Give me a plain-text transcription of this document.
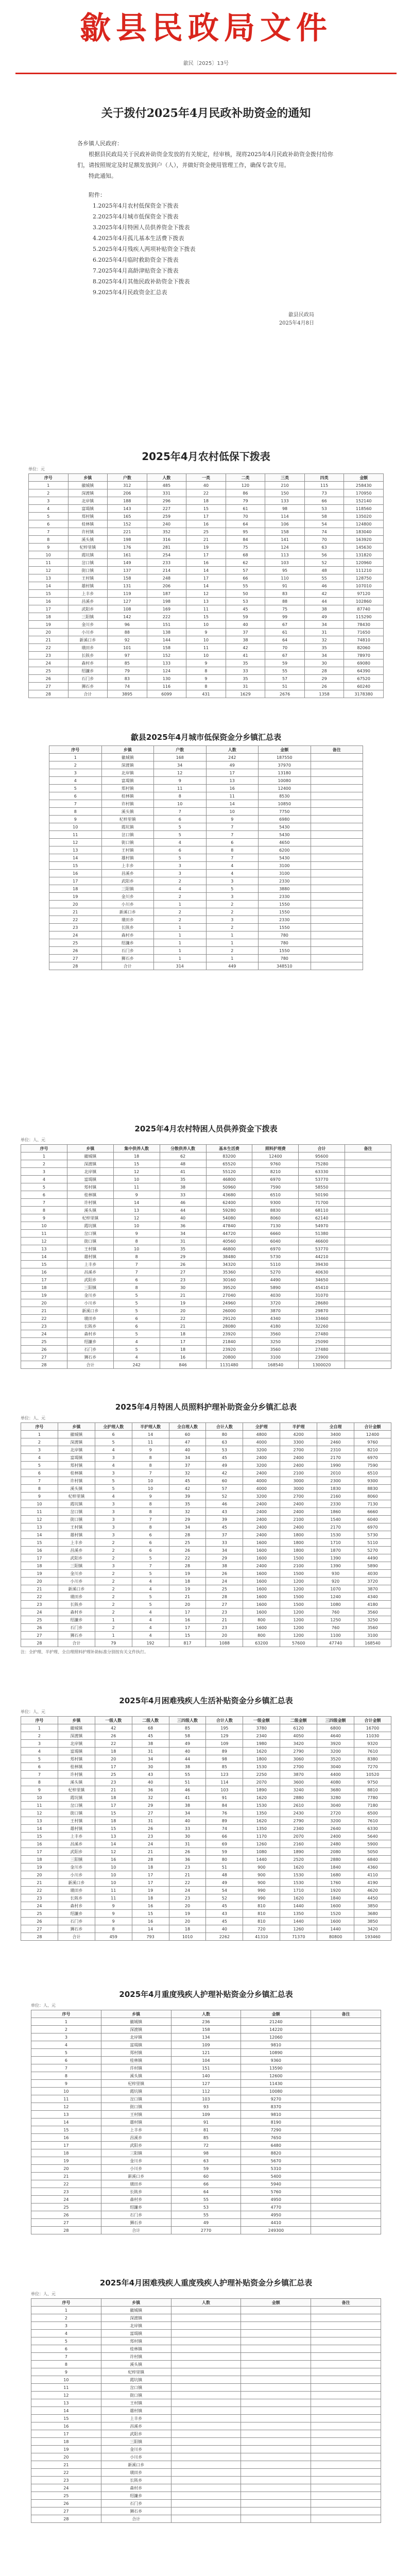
歙县民政局文件
歙民〔2025〕13号
关于拨付2025年4月民政补助资金的通知

各乡镇人民政府：

根据县民政局关于民政补助资金发放的有关规定，经审核，现将2025年4月民政补助资金拨付给你们，请按照规定及时足额发放到户（人），并做好资金使用管理工作，确保专款专用。

特此通知。

附件：

1.2025年4月农村低保资金下拨表

2.2025年4月城市低保资金下拨表

3.2025年4月特困人员供养资金下拨表

4.2025年4月孤儿基本生活费下拨表

5.2025年4月残疾人两项补贴资金下拨表

6.2025年4月临时救助资金下拨表

7.2025年4月高龄津贴资金下拨表

8.2025年4月其他民政补助资金下拨表

9.2025年4月民政资金汇总表

歙县民政局
2025年4月8日
2025年4月农村低保下拨表
单位：元
序号	乡镇	户数	人数	一类	二类	三类	四类	金额
1	徽城镇	312	485	40	120	210	115	258430
2	深渡镇	206	331	22	86	150	73	170950
3	北岸镇	188	296	18	79	133	66	152140
4	富堨镇	143	227	15	61	98	53	118560
5	郑村镇	165	259	17	70	114	58	135020
6	桂林镇	152	240	16	64	106	54	124800
7	许村镇	221	352	25	95	158	74	183040
8	溪头镇	198	316	21	84	141	70	163920
9	杞梓里镇	176	281	19	75	124	63	145630
10	霞坑镇	161	254	17	68	113	56	131820
11	岔口镇	149	233	16	62	103	52	120960
12	街口镇	137	214	14	57	95	48	111210
13	王村镇	158	248	17	66	110	55	128750
14	雄村镇	131	206	14	55	91	46	107010
15	上丰乡	119	187	12	50	83	42	97120
16	昌溪乡	127	198	13	53	88	44	102860
17	武阳乡	108	169	11	45	75	38	87740
18	三阳镇	142	222	15	59	99	49	115290
19	金川乡	96	151	10	40	67	34	78430
20	小川乡	88	138	9	37	61	31	71650
21	新溪口乡	92	144	10	38	64	32	74810
22	璜田乡	101	158	11	42	70	35	82060
23	长陔乡	97	152	10	41	67	34	78970
24	森村乡	85	133	9	35	59	30	69080
25	绍濂乡	79	124	8	33	55	28	64390
26	石门乡	83	130	9	35	57	29	67520
27	狮石乡	74	116	8	31	51	26	60240
28	合计	3895	6099	431	1629	2676	1358	3178380
歙县2025年4月城市低保资金分乡镇汇总表
序号	乡镇	户数	人数	金额	备注
1	徽城镇	168	242	187550	
2	深渡镇	34	49	37970	
3	北岸镇	12	17	13180	
4	富堨镇	9	13	10080	
5	郑村镇	11	16	12400	
6	桂林镇	8	11	8530	
7	许村镇	10	14	10850	
8	溪头镇	7	10	7750	
9	杞梓里镇	6	9	6980	
10	霞坑镇	5	7	5430	
11	岔口镇	5	7	5430	
12	街口镇	4	6	4650	
13	王村镇	6	8	6200	
14	雄村镇	5	7	5430	
15	上丰乡	3	4	3100	
16	昌溪乡	3	4	3100	
17	武阳乡	2	3	2330	
18	三阳镇	4	5	3880	
19	金川乡	2	3	2330	
20	小川乡	1	2	1550	
21	新溪口乡	2	2	1550	
22	璜田乡	2	3	2330	
23	长陔乡	1	2	1550	
24	森村乡	1	1	780	
25	绍濂乡	1	1	780	
26	石门乡	1	2	1550	
27	狮石乡	1	1	780	
28	合计	314	449	348510	
2025年4月农村特困人员供养资金下拨表
单位：人、元
序号	乡镇	集中供养人数	分散供养人数	基本生活费	照料护理费	合计	备注
1	徽城镇	18	62	83200	12400	95600	
2	深渡镇	15	48	65520	9760	75280	
3	北岸镇	12	41	55120	8210	63330	
4	富堨镇	10	35	46800	6970	53770	
5	郑村镇	11	38	50960	7590	58550	
6	桂林镇	9	33	43680	6510	50190	
7	许村镇	14	46	62400	9300	71700	
8	溪头镇	13	44	59280	8830	68110	
9	杞梓里镇	12	40	54080	8060	62140	
10	霞坑镇	10	36	47840	7130	54970	
11	岔口镇	9	34	44720	6660	51380	
12	街口镇	8	31	40560	6040	46600	
13	王村镇	10	35	46800	6970	53770	
14	雄村镇	8	29	38480	5730	44210	
15	上丰乡	7	26	34320	5110	39430	
16	昌溪乡	7	27	35360	5270	40630	
17	武阳乡	6	23	30160	4490	34650	
18	三阳镇	8	30	39520	5890	45410	
19	金川乡	5	21	27040	4030	31070	
20	小川乡	5	19	24960	3720	28680	
21	新溪口乡	5	20	26000	3870	29870	
22	璜田乡	6	22	29120	4340	33460	
23	长陔乡	6	21	28080	4180	32260	
24	森村乡	5	18	23920	3560	27480	
25	绍濂乡	4	17	21840	3250	25090	
26	石门乡	5	18	23920	3560	27480	
27	狮石乡	4	16	20800	3100	23900	
28	合计	242	846	1131480	168540	1300020	
2025年4月特困人员照料护理补助资金分乡镇汇总表
单位：人、元
序号	乡镇	全护理人数	半护理人数	全自理人数	合计人数	全护理	半护理	全自理	合计金额
1	徽城镇	6	14	60	80	4800	4200	3400	12400
2	深渡镇	5	11	47	63	4000	3300	2460	9760
3	北岸镇	4	9	40	53	3200	2700	2310	8210
4	富堨镇	3	8	34	45	2400	2400	2170	6970
5	郑村镇	4	8	37	49	3200	2400	1990	7590
6	桂林镇	3	7	32	42	2400	2100	2010	6510
7	许村镇	5	10	45	60	4000	3000	2300	9300
8	溪头镇	5	10	42	57	4000	3000	1830	8830
9	杞梓里镇	4	9	39	52	3200	2700	2160	8060
10	霞坑镇	3	8	35	46	2400	2400	2330	7130
11	岔口镇	3	8	32	43	2400	2400	1860	6660
12	街口镇	3	7	29	39	2400	2100	1540	6040
13	王村镇	3	8	34	45	2400	2400	2170	6970
14	雄村镇	3	6	28	37	2400	1800	1530	5730
15	上丰乡	2	6	25	33	1600	1800	1710	5110
16	昌溪乡	2	6	26	34	1600	1800	1870	5270
17	武阳乡	2	5	22	29	1600	1500	1390	4490
18	三阳镇	3	7	28	38	2400	2100	1390	5890
19	金川乡	2	5	19	26	1600	1500	930	4030
20	小川乡	2	4	18	24	1600	1200	920	3720
21	新溪口乡	2	4	19	25	1600	1200	1070	3870
22	璜田乡	2	5	21	28	1600	1500	1240	4340
23	长陔乡	2	5	20	27	1600	1500	1080	4180
24	森村乡	2	4	17	23	1600	1200	760	3560
25	绍濂乡	1	4	16	21	800	1200	1250	3250
26	石门乡	2	4	17	23	1600	1200	760	3560
27	狮石乡	1	4	15	20	800	1200	1100	3100
28	合计	79	192	817	1088	63200	57600	47740	168540
注：全护理、半护理、全自理照料护理补助标准分别按有关文件执行。
2025年4月困难残疾人生活补贴资金分乡镇汇总表
单位：人、元
序号	乡镇	一级人数	二级人数	三四级人数	合计人数	一级金额	二级金额	三四级金额	合计金额
1	徽城镇	42	68	85	195	3780	6120	6800	16700
2	深渡镇	26	45	58	129	2340	4050	4640	11030
3	北岸镇	22	38	49	109	1980	3420	3920	9320
4	富堨镇	18	31	40	89	1620	2790	3200	7610
5	郑村镇	20	34	44	98	1800	3060	3520	8380
6	桂林镇	17	30	38	85	1530	2700	3040	7270
7	许村镇	25	43	55	123	2250	3870	4400	10520
8	溪头镇	23	40	51	114	2070	3600	4080	9750
9	杞梓里镇	21	36	46	103	1890	3240	3680	8810
10	霞坑镇	18	32	41	91	1620	2880	3280	7780
11	岔口镇	17	29	38	84	1530	2610	3040	7180
12	街口镇	15	27	34	76	1350	2430	2720	6500
13	王村镇	18	31	40	89	1620	2790	3200	7610
14	雄村镇	15	26	33	74	1350	2340	2640	6330
15	上丰乡	13	23	30	66	1170	2070	2400	5640
16	昌溪乡	14	24	31	69	1260	2160	2480	5900
17	武阳乡	12	21	26	59	1080	1890	2080	5050
18	三阳镇	16	28	36	80	1440	2520	2880	6840
19	金川乡	10	18	23	51	900	1620	1840	4360
20	小川乡	10	17	21	48	900	1530	1680	4110
21	新溪口乡	10	17	22	49	900	1530	1760	4190
22	璜田乡	11	19	24	54	990	1710	1920	4620
23	长陔乡	11	18	23	52	990	1620	1840	4450
24	森村乡	9	16	20	45	810	1440	1600	3850
25	绍濂乡	9	15	19	43	810	1350	1520	3680
26	石门乡	9	16	20	45	810	1440	1600	3850
27	狮石乡	8	14	18	40	720	1260	1440	3420
28	合计	459	793	1010	2262	41310	71370	80800	193460
2025年4月重度残疾人护理补贴资金分乡镇汇总表
单位：人、元
序号	乡镇	人数	金额	备注
1	徽城镇	236	21240	
2	深渡镇	158	14220	
3	北岸镇	134	12060	
4	富堨镇	109	9810	
5	郑村镇	121	10890	
6	桂林镇	104	9360	
7	许村镇	151	13590	
8	溪头镇	140	12600	
9	杞梓里镇	127	11430	
10	霞坑镇	112	10080	
11	岔口镇	103	9270	
12	街口镇	93	8370	
13	王村镇	109	9810	
14	雄村镇	91	8190	
15	上丰乡	81	7290	
16	昌溪乡	85	7650	
17	武阳乡	72	6480	
18	三阳镇	98	8820	
19	金川乡	63	5670	
20	小川乡	59	5310	
21	新溪口乡	60	5400	
22	璜田乡	66	5940	
23	长陔乡	64	5760	
24	森村乡	55	4950	
25	绍濂乡	53	4770	
26	石门乡	55	4950	
27	狮石乡	49	4410	
28	合计	2770	249300	
2025年4月困难残疾人重度残疾人护理补贴资金分乡镇汇总表
单位：人、元
序号	乡镇	人数	金额	备注
1	徽城镇			
2	深渡镇			
3	北岸镇			
4	富堨镇			
5	郑村镇			
6	桂林镇			
7	许村镇			
8	溪头镇			
9	杞梓里镇			
10	霞坑镇			
11	岔口镇			
12	街口镇			
13	王村镇			
14	雄村镇			
15	上丰乡			
16	昌溪乡			
17	武阳乡			
18	三阳镇			
19	金川乡			
20	小川乡			
21	新溪口乡			
22	璜田乡			
23	长陔乡			
24	森村乡			
25	绍濂乡			
26	石门乡			
27	狮石乡			
28	合计			
